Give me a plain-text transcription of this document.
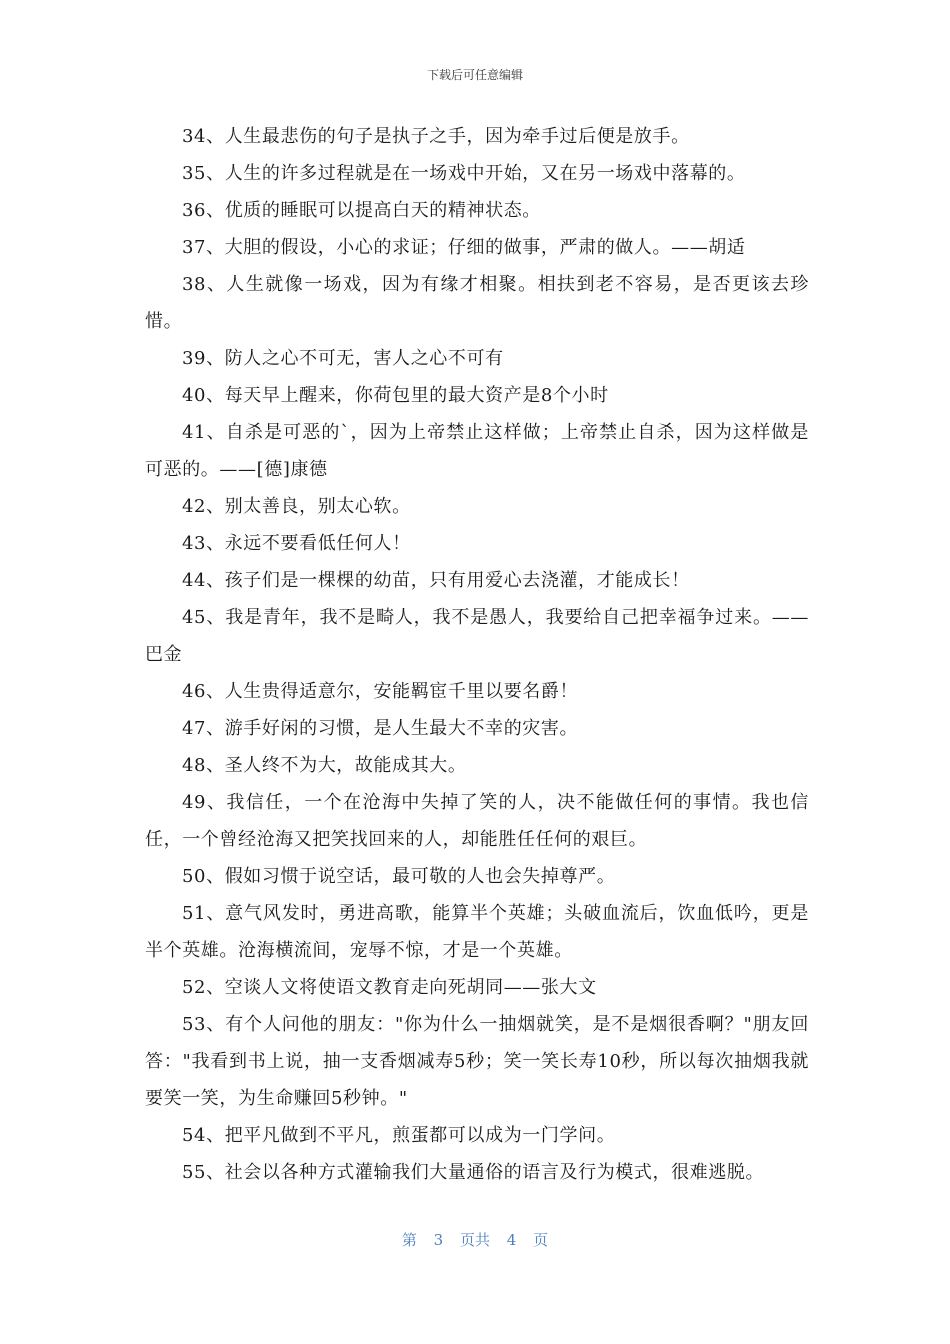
下载后可任意编辑

34、人生最悲伤的句子是执子之手，因为牵手过后便是放手。

35、人生的许多过程就是在一场戏中开始，又在另一场戏中落幕的。

36、优质的睡眠可以提高白天的精神状态。

37、大胆的假设，小心的求证；仔细的做事，严肃的做人。——胡适

38、人生就像一场戏，因为有缘才相聚。相扶到老不容易，是否更该去珍惜。

39、防人之心不可无，害人之心不可有

40、每天早上醒来，你荷包里的最大资产是8个小时

41、自杀是可恶的`，因为上帝禁止这样做；上帝禁止自杀，因为这样做是可恶的。——[德]康德

42、别太善良，别太心软。

43、永远不要看低任何人！

44、孩子们是一棵棵的幼苗，只有用爱心去浇灌，才能成长！

45、我是青年，我不是畸人，我不是愚人，我要给自己把幸福争过来。——巴金

46、人生贵得适意尔，安能羁宦千里以要名爵！

47、游手好闲的习惯，是人生最大不幸的灾害。

48、圣人终不为大，故能成其大。

49、我信任，一个在沧海中失掉了笑的人，决不能做任何的事情。我也信任，一个曾经沧海又把笑找回来的人，却能胜任任何的艰巨。

50、假如习惯于说空话，最可敬的人也会失掉尊严。

51、意气风发时，勇进高歌，能算半个英雄；头破血流后，饮血低吟，更是半个英雄。沧海横流间，宠辱不惊，才是一个英雄。

52、空谈人文将使语文教育走向死胡同——张大文

53、有个人问他的朋友："你为什么一抽烟就笑，是不是烟很香啊？"朋友回答："我看到书上说，抽一支香烟减寿5秒；笑一笑长寿10秒，所以每次抽烟我就要笑一笑，为生命赚回5秒钟。"

54、把平凡做到不平凡，煎蛋都可以成为一门学问。

55、社会以各种方式灌输我们大量通俗的语言及行为模式，很难逃脱。

第 3 页共 4 页
